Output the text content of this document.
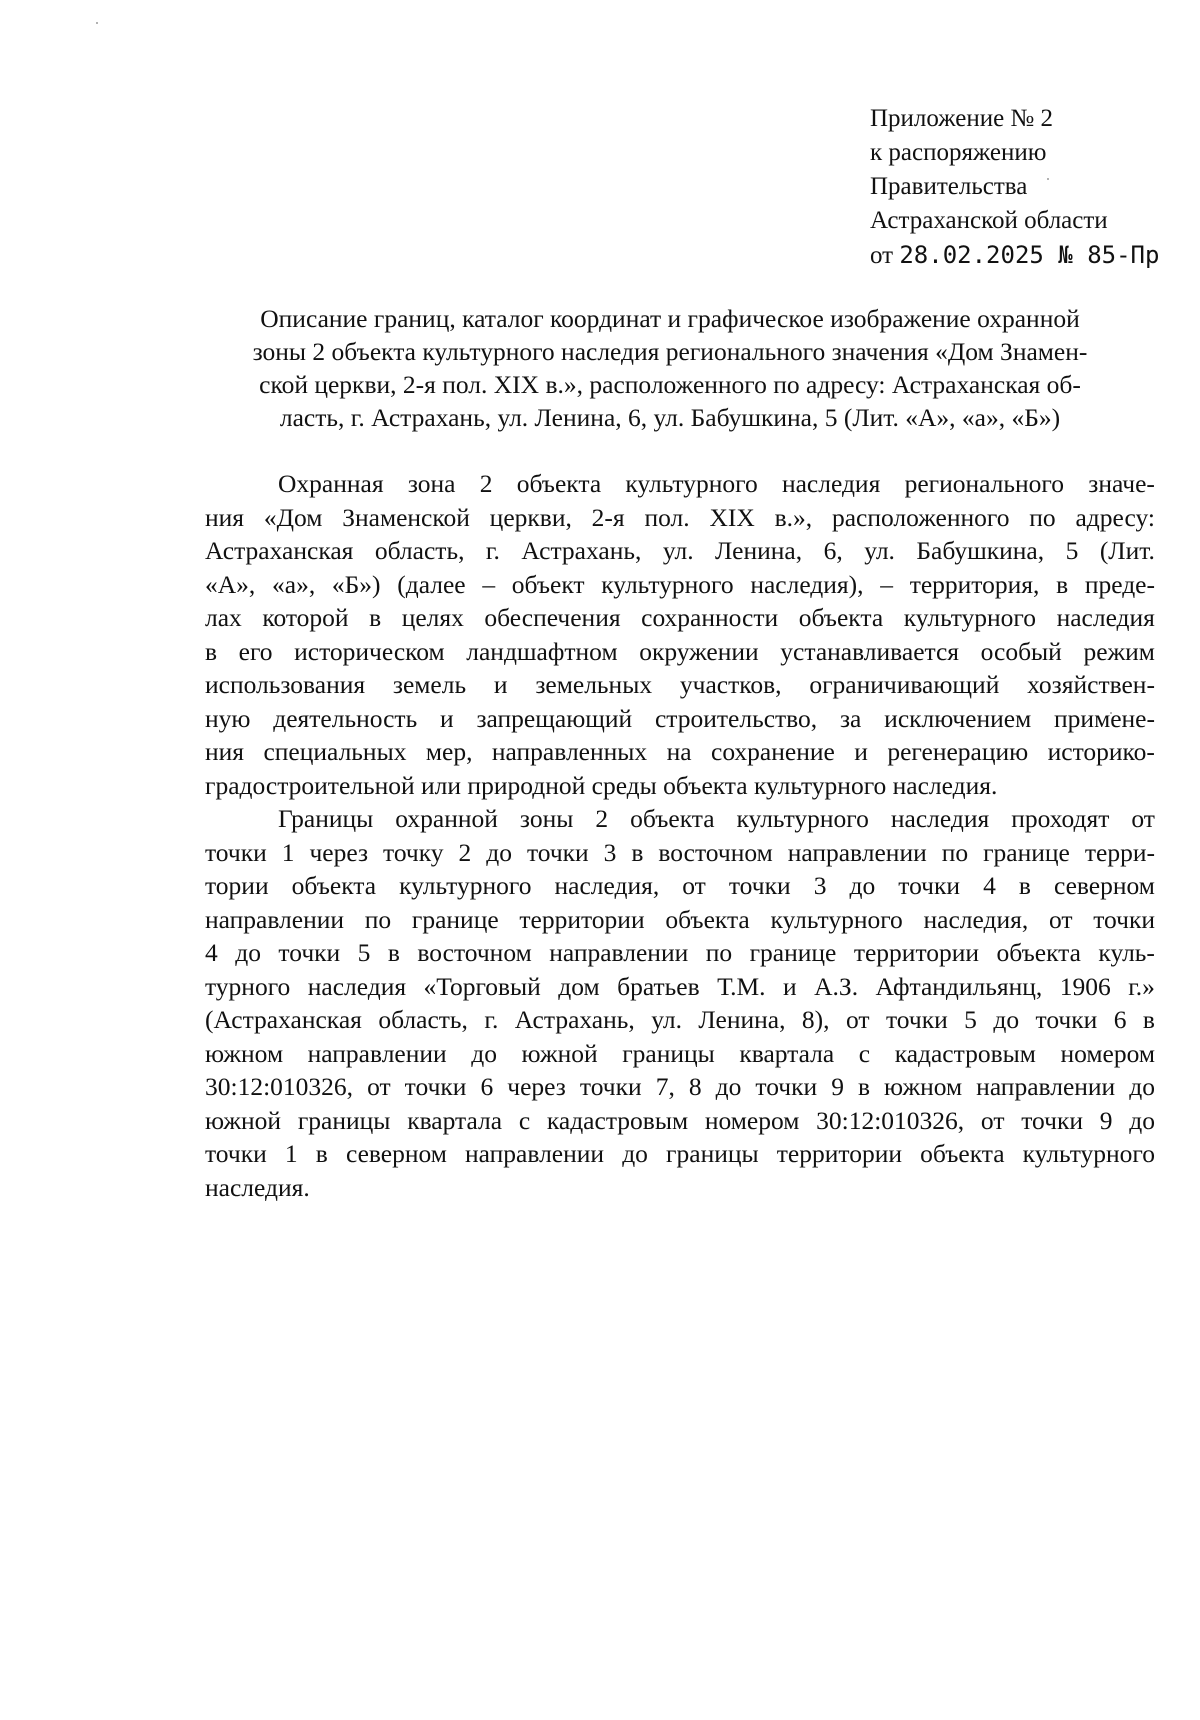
Приложение № 2
к распоряжению
Правительства
Астраханской области
от 28.02.2025 № 85-Пр
Описание границ, каталог координат и графическое изображение охранной
зоны 2 объекта культурного наследия регионального значения «Дом Знамен-
ской церкви, 2-я пол. XIX в.», расположенного по адресу: Астраханская об-
ласть, г. Астрахань, ул. Ленина, 6, ул. Бабушкина, 5 (Лит. «А», «а», «Б»)
Охранная зона 2 объекта культурного наследия регионального значе-
ния «Дом Знаменской церкви, 2-я пол. XIX в.», расположенного по адресу:
Астраханская область, г. Астрахань, ул. Ленина, 6, ул. Бабушкина, 5 (Лит.
«А», «а», «Б») (далее – объект культурного наследия), – территория, в преде-
лах которой в целях обеспечения сохранности объекта культурного наследия
в его историческом ландшафтном окружении устанавливается особый режим
использования земель и земельных участков, ограничивающий хозяйствен-
ную деятельность и запрещающий строительство, за исключением примене-
ния специальных мер, направленных на сохранение и регенерацию историко-
градостроительной или природной среды объекта культурного наследия.
Границы охранной зоны 2 объекта культурного наследия проходят от
точки 1 через точку 2 до точки 3 в восточном направлении по границе терри-
тории объекта культурного наследия, от точки 3 до точки 4 в северном
направлении по границе территории объекта культурного наследия, от точки
4 до точки 5 в восточном направлении по границе территории объекта куль-
турного наследия «Торговый дом братьев Т.М. и А.З. Афтандильянц, 1906 г.»
(Астраханская область, г. Астрахань, ул. Ленина, 8), от точки 5 до точки 6 в
южном направлении до южной границы квартала с кадастровым номером
30:12:010326, от точки 6 через точки 7, 8 до точки 9 в южном направлении до
южной границы квартала с кадастровым номером 30:12:010326, от точки 9 до
точки 1 в северном направлении до границы территории объекта культурного
наследия.
